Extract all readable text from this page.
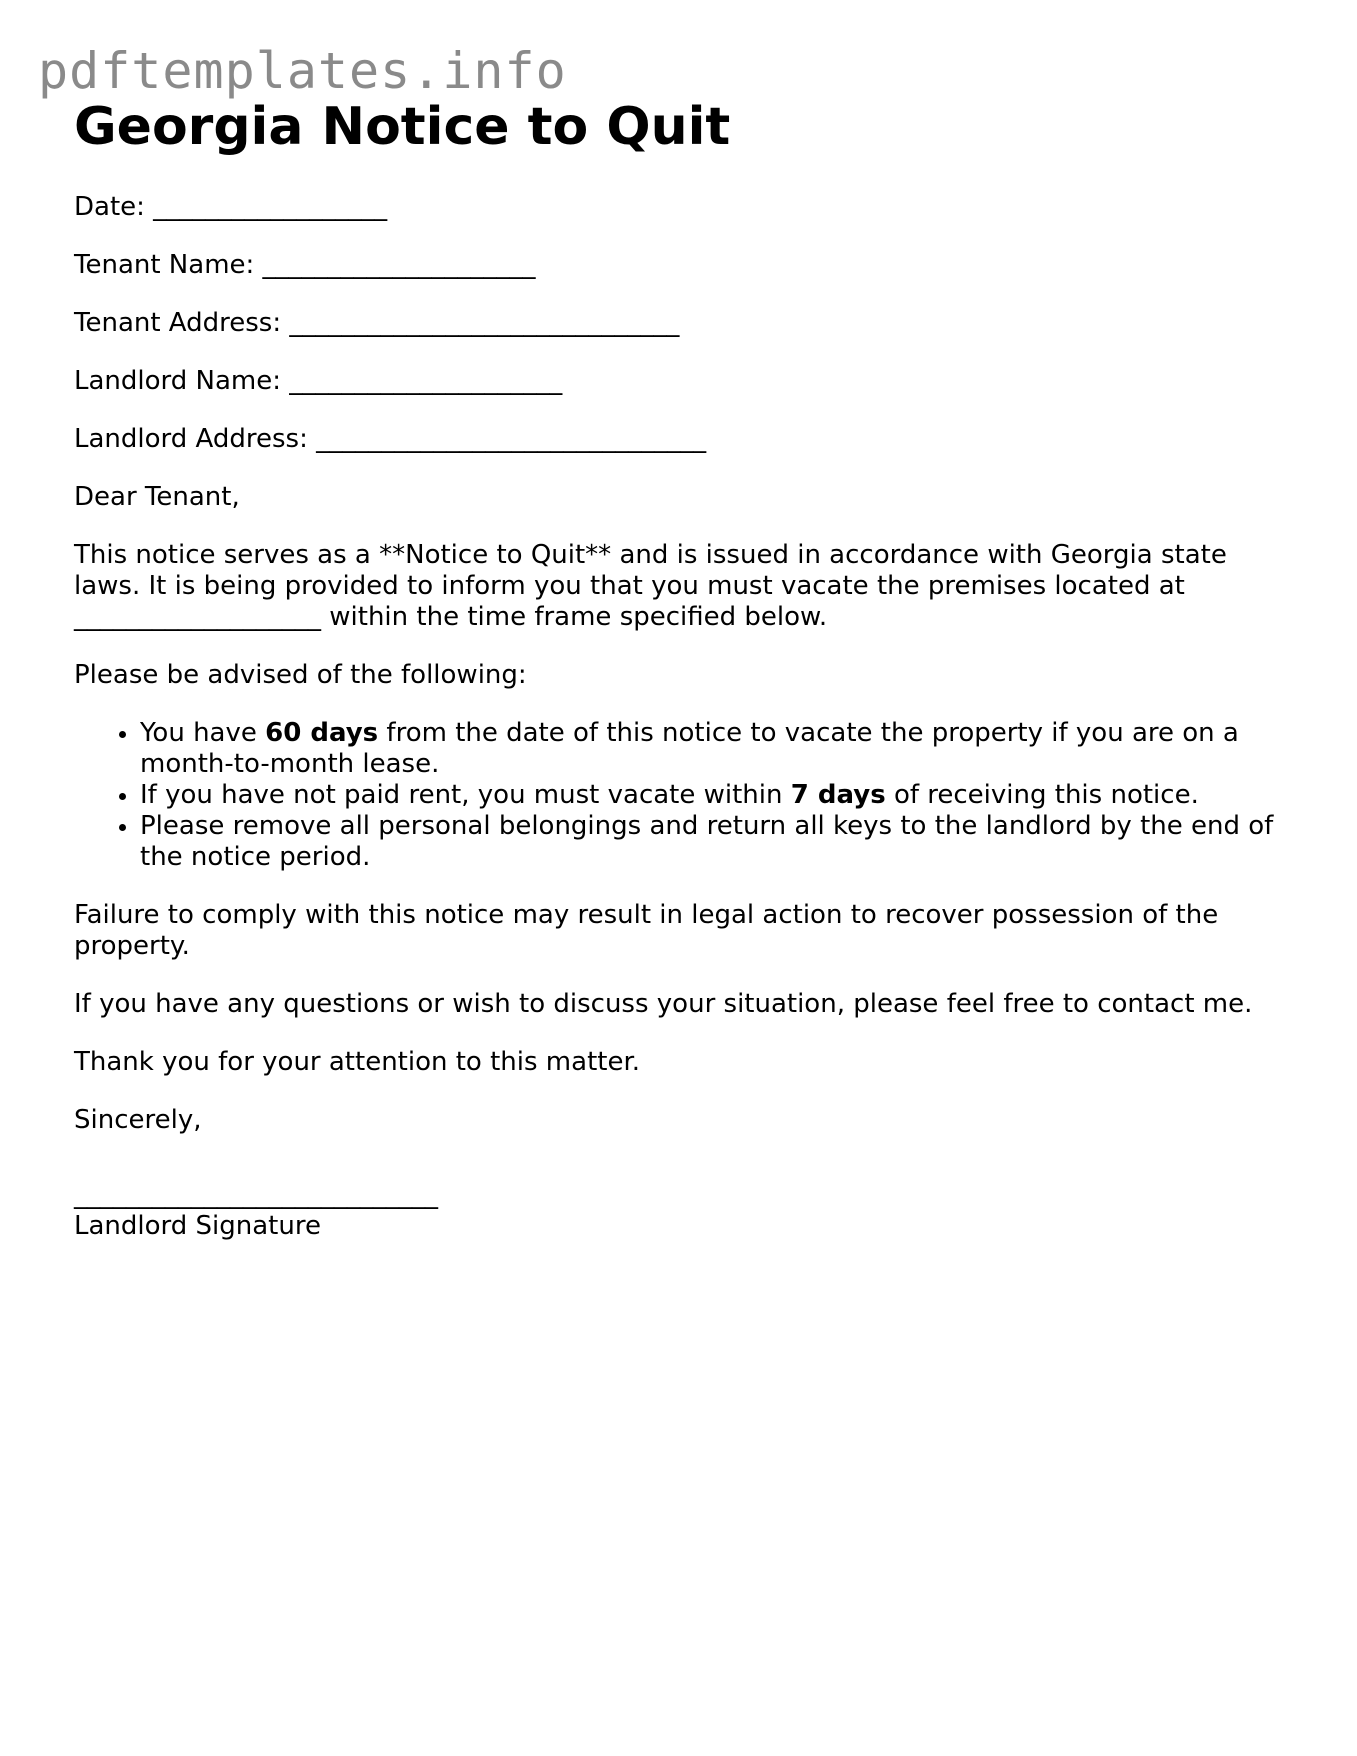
pdftemplates.info
Georgia Notice to Quit

Date: __________________

Tenant Name: _____________________

Tenant Address: ______________________________

Landlord Name: _____________________

Landlord Address: ______________________________

Dear Tenant,

This notice serves as a **Notice to Quit** and is issued in accordance with Georgia state laws. It is being provided to inform you that you must vacate the premises located at ___________________ within the time frame specified below.

Please be advised of the following:

• You have 60 days from the date of this notice to vacate the property if you are on a month-to-month lease.
• If you have not paid rent, you must vacate within 7 days of receiving this notice.
• Please remove all personal belongings and return all keys to the landlord by the end of the notice period.

Failure to comply with this notice may result in legal action to recover possession of the property.

If you have any questions or wish to discuss your situation, please feel free to contact me.

Thank you for your attention to this matter.

Sincerely,

____________________________

Landlord Signature
